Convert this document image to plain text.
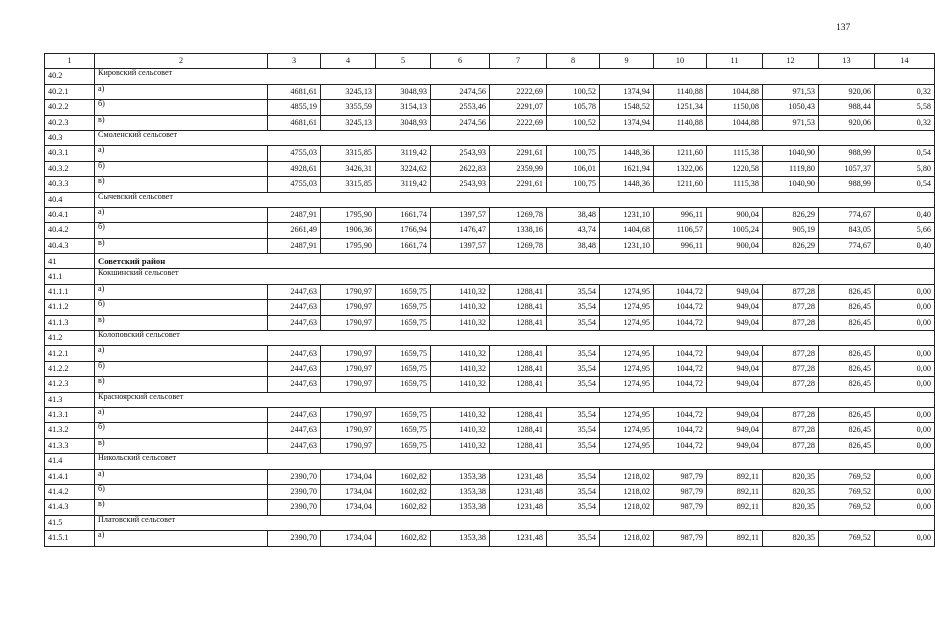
137
1	2	3	4	5	6	7	8	9	10	11	12	13	14
40.2	Кировский сельсовет												
40.2.1	а)	4681,61	3245,13	3048,93	2474,56	2222,69	100,52	1374,94	1140,88	1044,88	971,53	920,06	0,32
40.2.2	б)	4855,19	3355,59	3154,13	2553,46	2291,07	105,78	1548,52	1251,34	1150,08	1050,43	988,44	5,58
40.2.3	в)	4681,61	3245,13	3048,93	2474,56	2222,69	100,52	1374,94	1140,88	1044,88	971,53	920,06	0,32
40.3	Смоленский сельсовет												
40.3.1	а)	4755,03	3315,85	3119,42	2543,93	2291,61	100,75	1448,36	1211,60	1115,38	1040,90	988,99	0,54
40.3.2	б)	4928,61	3426,31	3224,62	2622,83	2359,99	106,01	1621,94	1322,06	1220,58	1119,80	1057,37	5,80
40.3.3	в)	4755,03	3315,85	3119,42	2543,93	2291,61	100,75	1448,36	1211,60	1115,38	1040,90	988,99	0,54
40.4	Сычевский сельсовет												
40.4.1	а)	2487,91	1795,90	1661,74	1397,57	1269,78	38,48	1231,10	996,11	900,04	826,29	774,67	0,40
40.4.2	б)	2661,49	1906,36	1766,94	1476,47	1338,16	43,74	1404,68	1106,57	1005,24	905,19	843,05	5,66
40.4.3	в)	2487,91	1795,90	1661,74	1397,57	1269,78	38,48	1231,10	996,11	900,04	826,29	774,67	0,40
41	Советский район												
41.1	Кокшинский сельсовет												
41.1.1	а)	2447,63	1790,97	1659,75	1410,32	1288,41	35,54	1274,95	1044,72	949,04	877,28	826,45	0,00
41.1.2	б)	2447,63	1790,97	1659,75	1410,32	1288,41	35,54	1274,95	1044,72	949,04	877,28	826,45	0,00
41.1.3	в)	2447,63	1790,97	1659,75	1410,32	1288,41	35,54	1274,95	1044,72	949,04	877,28	826,45	0,00
41.2	Колоповский сельсовет												
41.2.1	а)	2447,63	1790,97	1659,75	1410,32	1288,41	35,54	1274,95	1044,72	949,04	877,28	826,45	0,00
41.2.2	б)	2447,63	1790,97	1659,75	1410,32	1288,41	35,54	1274,95	1044,72	949,04	877,28	826,45	0,00
41.2.3	в)	2447,63	1790,97	1659,75	1410,32	1288,41	35,54	1274,95	1044,72	949,04	877,28	826,45	0,00
41.3	Красноярский сельсовет												
41.3.1	а)	2447,63	1790,97	1659,75	1410,32	1288,41	35,54	1274,95	1044,72	949,04	877,28	826,45	0,00
41.3.2	б)	2447,63	1790,97	1659,75	1410,32	1288,41	35,54	1274,95	1044,72	949,04	877,28	826,45	0,00
41.3.3	в)	2447,63	1790,97	1659,75	1410,32	1288,41	35,54	1274,95	1044,72	949,04	877,28	826,45	0,00
41.4	Никольский сельсовет												
41.4.1	а)	2390,70	1734,04	1602,82	1353,38	1231,48	35,54	1218,02	987,79	892,11	820,35	769,52	0,00
41.4.2	б)	2390,70	1734,04	1602,82	1353,38	1231,48	35,54	1218,02	987,79	892,11	820,35	769,52	0,00
41.4.3	в)	2390,70	1734,04	1602,82	1353,38	1231,48	35,54	1218,02	987,79	892,11	820,35	769,52	0,00
41.5	Платовский сельсовет												
41.5.1	а)	2390,70	1734,04	1602,82	1353,38	1231,48	35,54	1218,02	987,79	892,11	820,35	769,52	0,00
